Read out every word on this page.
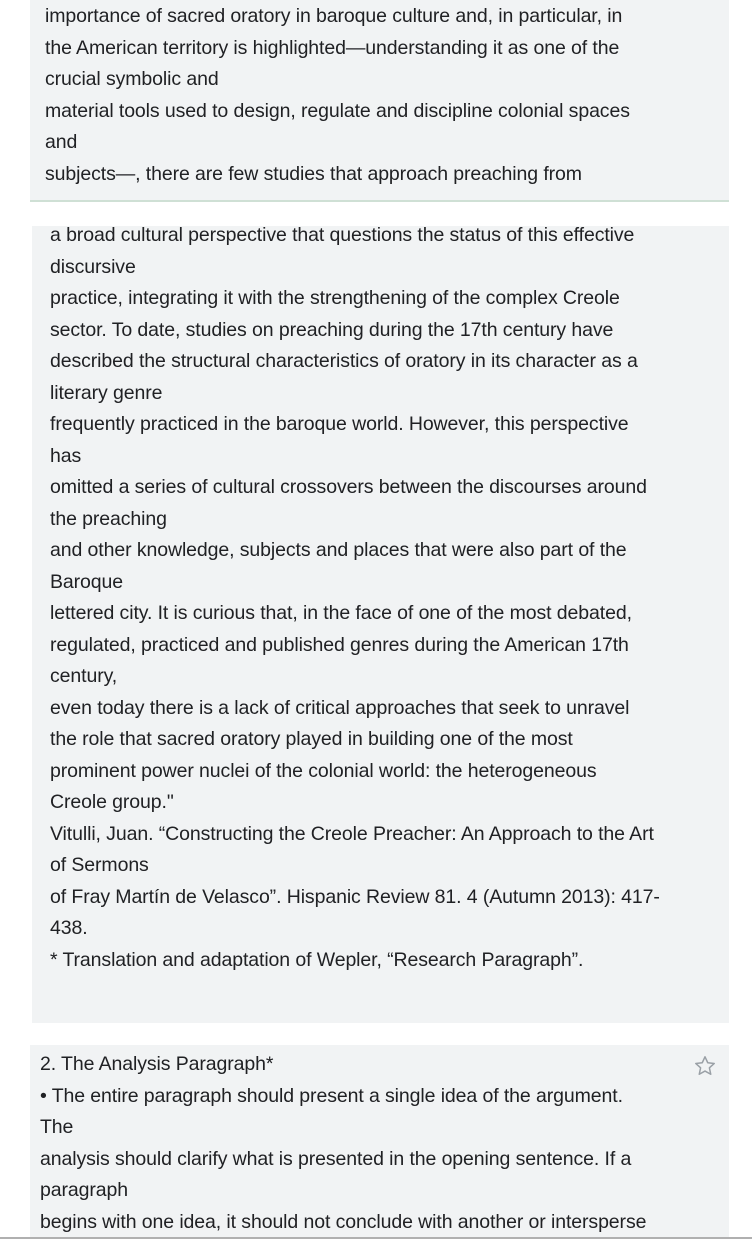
importance of sacred oratory in baroque culture and, in particular, in
the American territory is highlighted—understanding it as one of the
crucial symbolic and
material tools used to design, regulate and discipline colonial spaces
and
subjects—, there are few studies that approach preaching from
a broad cultural perspective that questions the status of this effective
discursive
practice, integrating it with the strengthening of the complex Creole
sector. To date, studies on preaching during the 17th century have
described the structural characteristics of oratory in its character as a
literary genre
frequently practiced in the baroque world. However, this perspective
has
omitted a series of cultural crossovers between the discourses around
the preaching
and other knowledge, subjects and places that were also part of the
Baroque
lettered city. It is curious that, in the face of one of the most debated,
regulated, practiced and published genres during the American 17th
century,
even today there is a lack of critical approaches that seek to unravel
the role that sacred oratory played in building one of the most
prominent power nuclei of the colonial world: the heterogeneous
Creole group."
Vitulli, Juan. “Constructing the Creole Preacher: An Approach to the Art
of Sermons
of Fray Martín de Velasco”. Hispanic Review 81. 4 (Autumn 2013): 417-
438.
* Translation and adaptation of Wepler, “Research Paragraph”.
2. The Analysis Paragraph*
• The entire paragraph should present a single idea of the argument.
The
analysis should clarify what is presented in the opening sentence. If a
paragraph
begins with one idea, it should not conclude with another or intersperse
